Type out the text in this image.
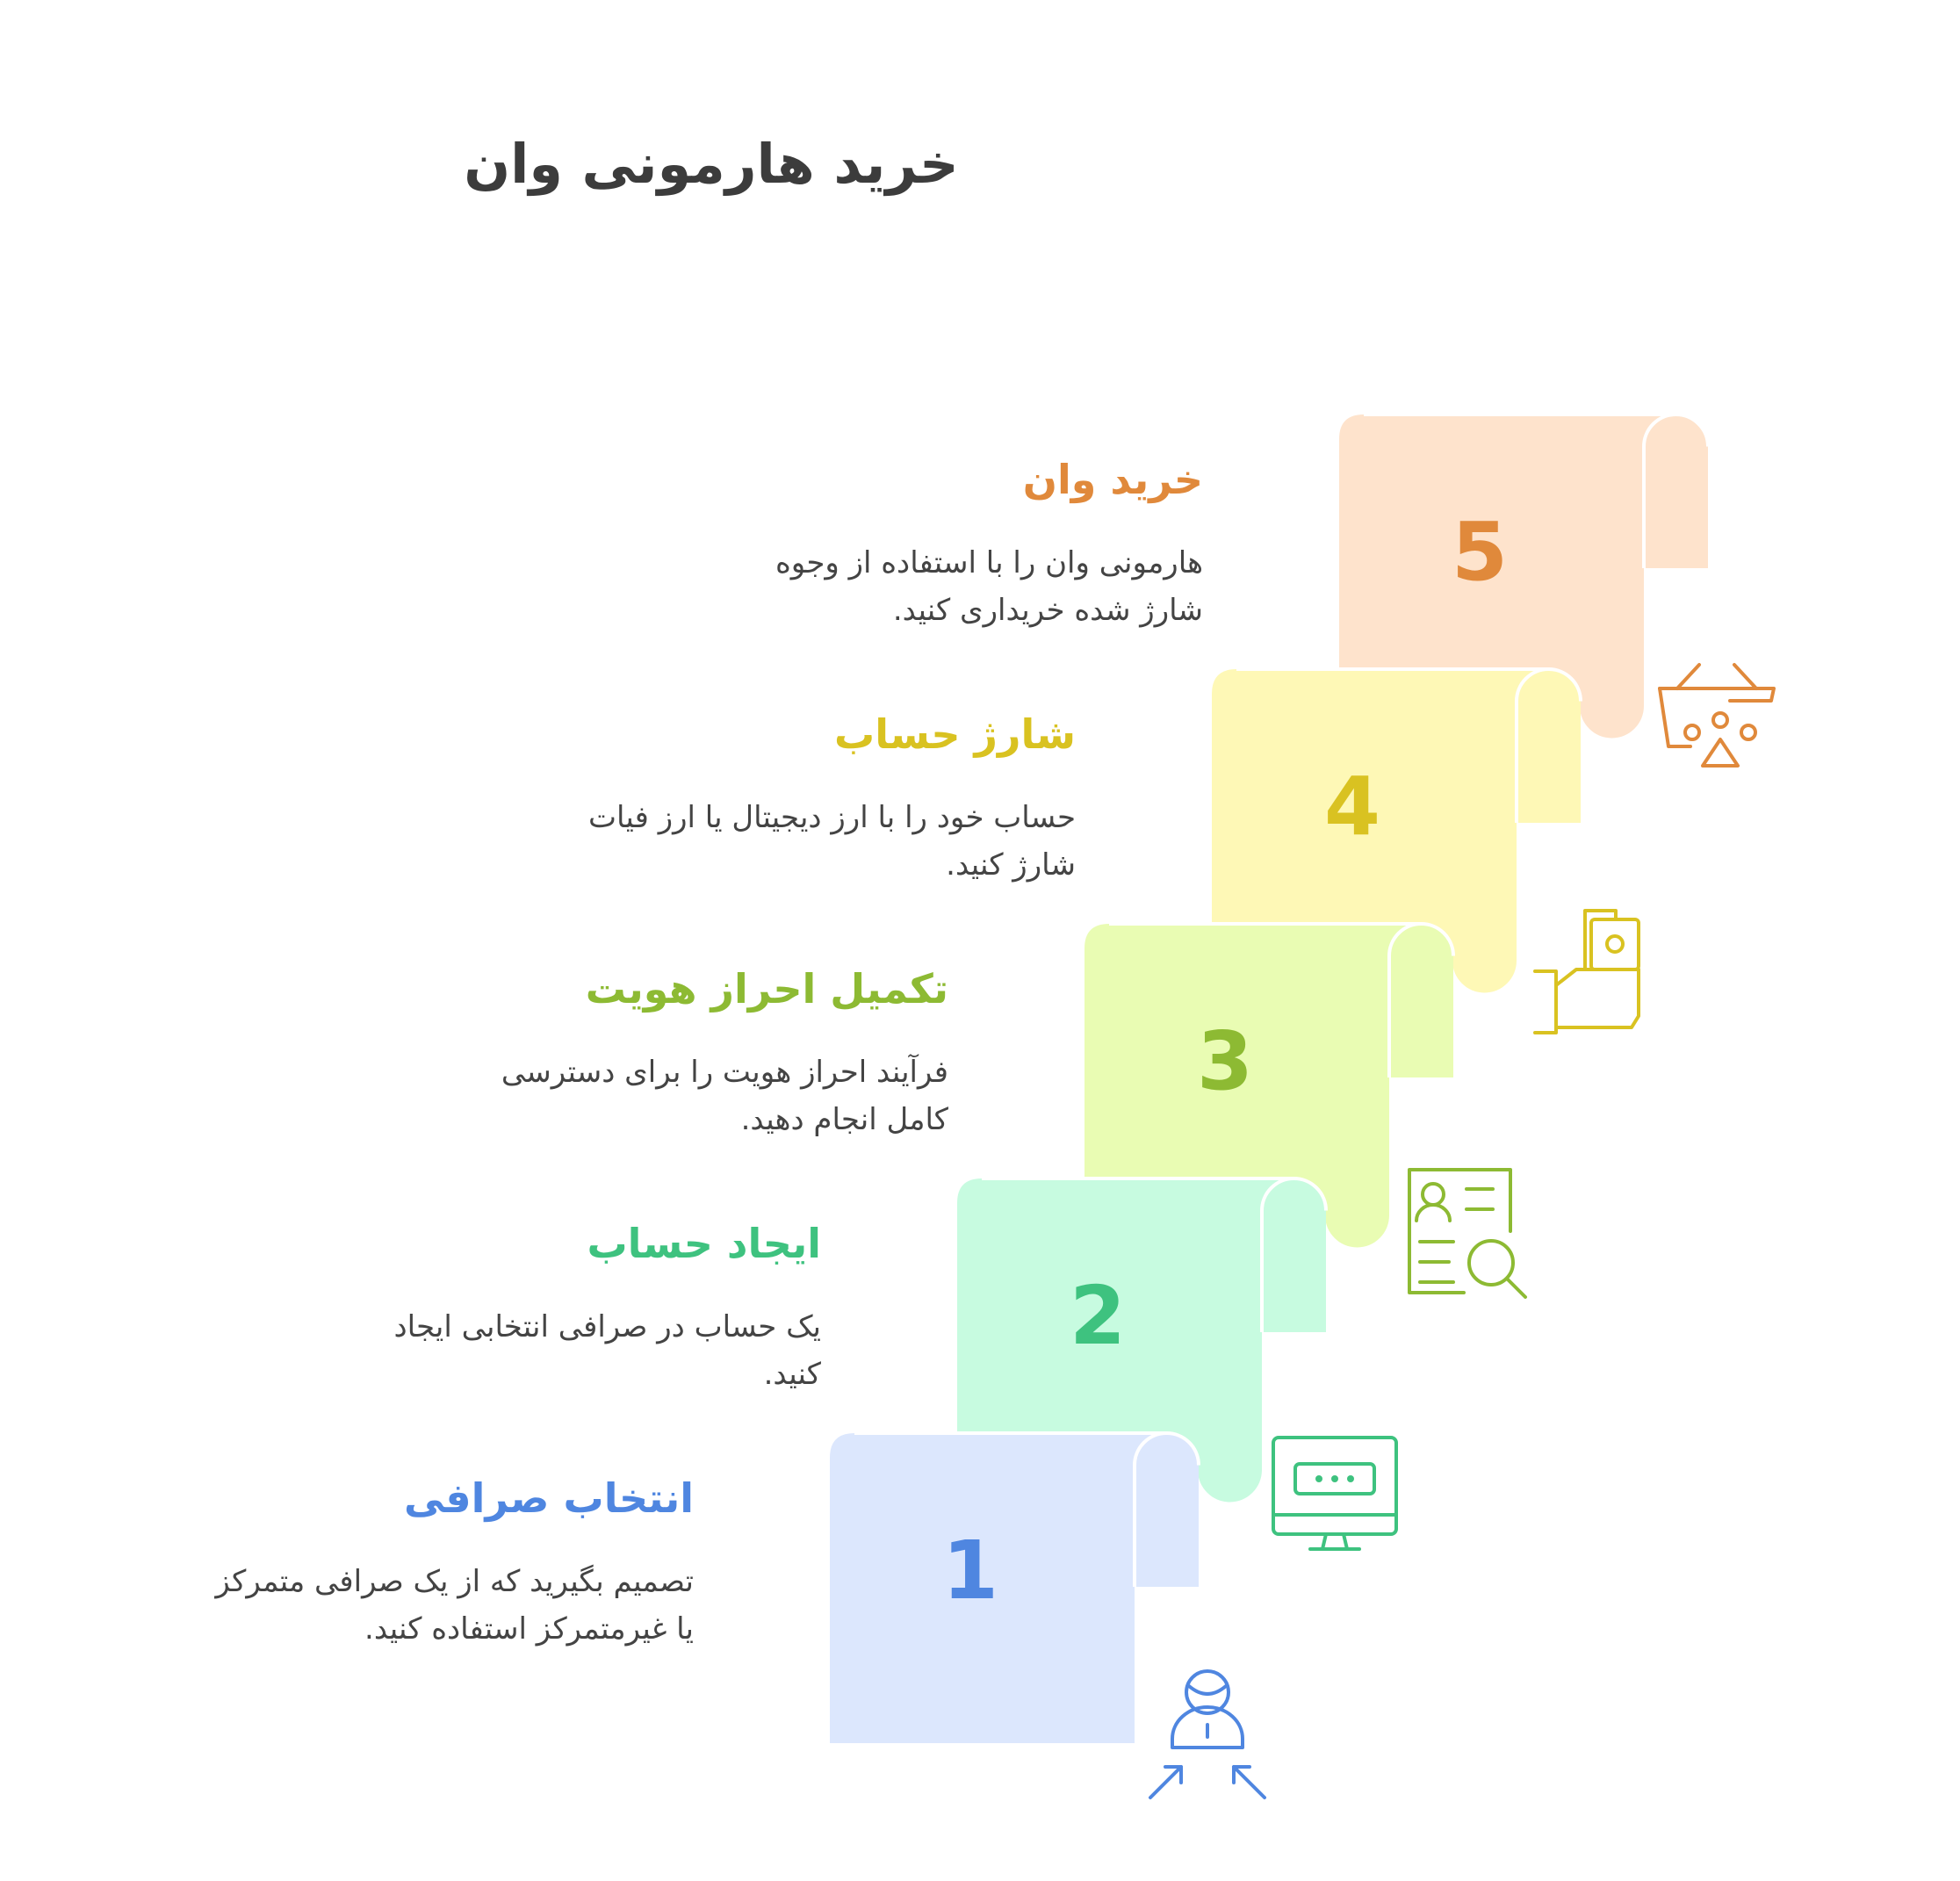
5
4
3
2
1
خرید هارمونی وان
خرید وان
هارمونی وان را با استفاده از وجوه شارژ شده خریداری کنید.
شارژ حساب
حساب خود را با ارز دیجیتال یا ارز فیات شارژ کنید.
تکمیل احراز هویت
فرآیند احراز هویت را برای دسترسی کامل انجام دهید.
ایجاد حساب
یک حساب در صرافی انتخابی ایجاد کنید.
انتخاب صرافی
تصمیم بگیرید که از یک صرافی متمرکز یا غیرمتمرکز استفاده کنید.
